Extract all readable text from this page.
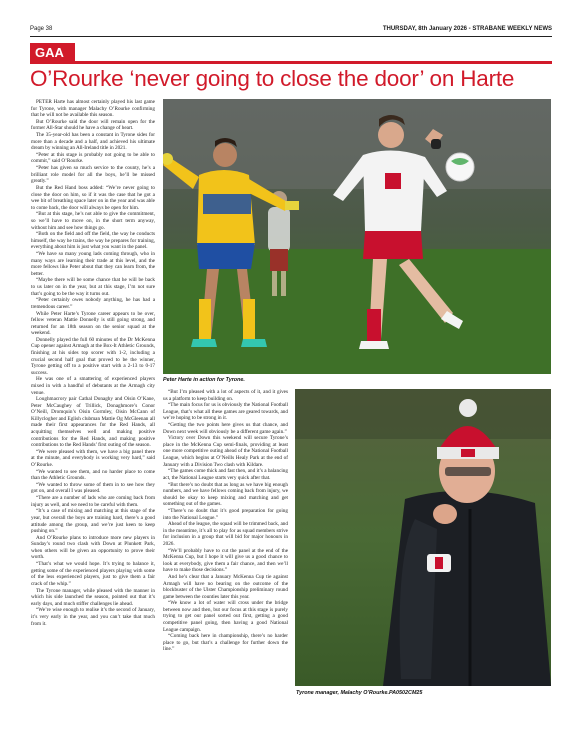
Page 38	THURSDAY, 8th January 2026 - STRABANE WEEKLY NEWS
GAA
O’Rourke ‘never going to close the door’ on Harte

PETER Harte has almost certainly played his last game for Tyrone, with manager Malachy O’Rourke confirming that he will not be available this season.

But O’Rourke said the door will remain open for the former All-Star should he have a change of heart.

The 35-year-old has been a constant in Tyrone sides for more than a decade and a half, and achieved his ultimate dream by winning an All-Ireland title in 2021.

“Peter at this stage is probably not going to be able to commit,” said O’Rourke.

“Peter has given so much service to the county, he’s a brilliant role model for all the boys, he’ll be missed greatly.”

But the Red Hand boss added: “We’re never going to close the door on him, so if it was the case that he got a wee bit of breathing space later on in the year and was able to come back, the door will always be open for him.

“But at this stage, he’s not able to give the commitment, so we’ll have to move on, in the short term anyway, without him and see how things go.

“Both on the field and off the field, the way he conducts himself, the way he trains, the way he prepares for training, everything about him is just what you want in the panel.

“We have so many young lads coming through, who in many ways are learning their trade at this level, and the more fellows like Peter about that they can learn from, the better.

“Maybe there will be some chance that he will be back to us later on in the year, but at this stage, I’m not sure that’s going to be the way it turns out.

“Peter certainly owes nobody anything, he has had a tremendous career.”

While Peter Harte’s Tyrone career appears to be over, fellow veteran Mattie Donnelly is still going strong, and returned for an 18th season on the senior squad at the weekend.

Donnelly played the full 60 minutes of the Dr McKenna Cup opener against Armagh at the Box-It Athletic Grounds, finishing at his sides top scorer with 1-2, including a crucial second half goal that proved to be the winner, Tyrone getting off to a positive start with a 2-13 to 0-17 success.

He was one of a smattering of experienced players mixed in with a handful of debutants at the Armagh city venue.

Loughmacrory pair Cathal Donaghy and Oisin O’Kane, Peter McCaughey of Trillick, Donaghmore’s Conor O’Neill, Dromquin’s Oisin Gormley, Oisin McCann of Killyclogher and Eglish clubman Mattie Og McGleenan all made their first appearances for the Red Hands, all acquitting themselves well and making positive contributions for the Red Hands, and making positive contributions to the Red Hands’ first outing of the season.

“We were pleased with them, we have a big panel there at the minute, and everybody is working very hard,” said O’Rourke.

“We wanted to see them, and no harder place to come than the Athletic Grounds.

“We wanted to throw some of them in to see how they got on, and overall I was pleased.

“There are a number of lads who are coming back from injury as well, and we need to be careful with them.

“It’s a case of mixing and matching at this stage of the year, but overall the boys are training hard, there’s a good attitude among the group, and we’re just keen to keep pushing on.”

And O’Rourke plans to introduce more new players in Sunday’s round two clash with Down at Plunkett Park, when others will be given an opportunity to prove their worth.

“That’s what we would hope. It’s trying to balance it, getting some of the experienced players playing with some of the less experienced players, just to give them a fair crack of the whip.”

The Tyrone manager, while pleased with the manner in which his side launched the season, pointed out that it’s early days, and much stiffer challenges lie ahead.

“We’re wise enough to realise it’s the second of January, it’s very early in the year, and you can’t take that much from it.

Peter Harte in action for Tyrone.

“But I’m pleased with a lot of aspects of it, and it gives us a platform to keep building on.

“The main focus for us is obviously the National Football League, that’s what all these games are geared towards, and we’re hoping to be strong in it.

“Getting the two points here gives us that chance, and Down next week will obviously be a different game again.”

Victory over Down this weekend will secure Tyrone’s place in the McKenna Cup semi-finals, providing at least one more competitive outing ahead of the National Football League, which begins at O’Neills Healy Park at the end of January with a Division Two clash with Kildare.

“The games come thick and fast then, and it’s a balancing act, the National League starts very quick after that.

“But there’s no doubt that as long as we have big enough numbers, and we have fellows coming back from injury, we should be okay to keep mixing and matching and get something out of the games.

“There’s no doubt that it’s good preparation for going into the National League.”

Ahead of the league, the squad will be trimmed back, and in the meantime, it’s all to play for as squad members strive for inclusion in a group that will bid for major honours in 2026.

“We’ll probably have to cut the panel at the end of the McKenna Cup, but I hope it will give us a good chance to look at everybody, give them a fair chance, and then we’ll have to make those decisions.”

And he’s clear that a January McKenna Cup tie against Armagh will have no bearing on the outcome of the blockbuster of the Ulster Championship preliminary round game between the counties later this year.

“We know a lot of water will cross under the bridge between now and then, but our focus at this stage is purely trying to get our panel sorted out first, getting a good competitive panel going, then having a good National League campaign.

“Coming back here in championship, there’s no harder place to go, but that’s a challenge for further down the line.”

Tyrone manager, Malachy O’Rourke.PA0502CM25
